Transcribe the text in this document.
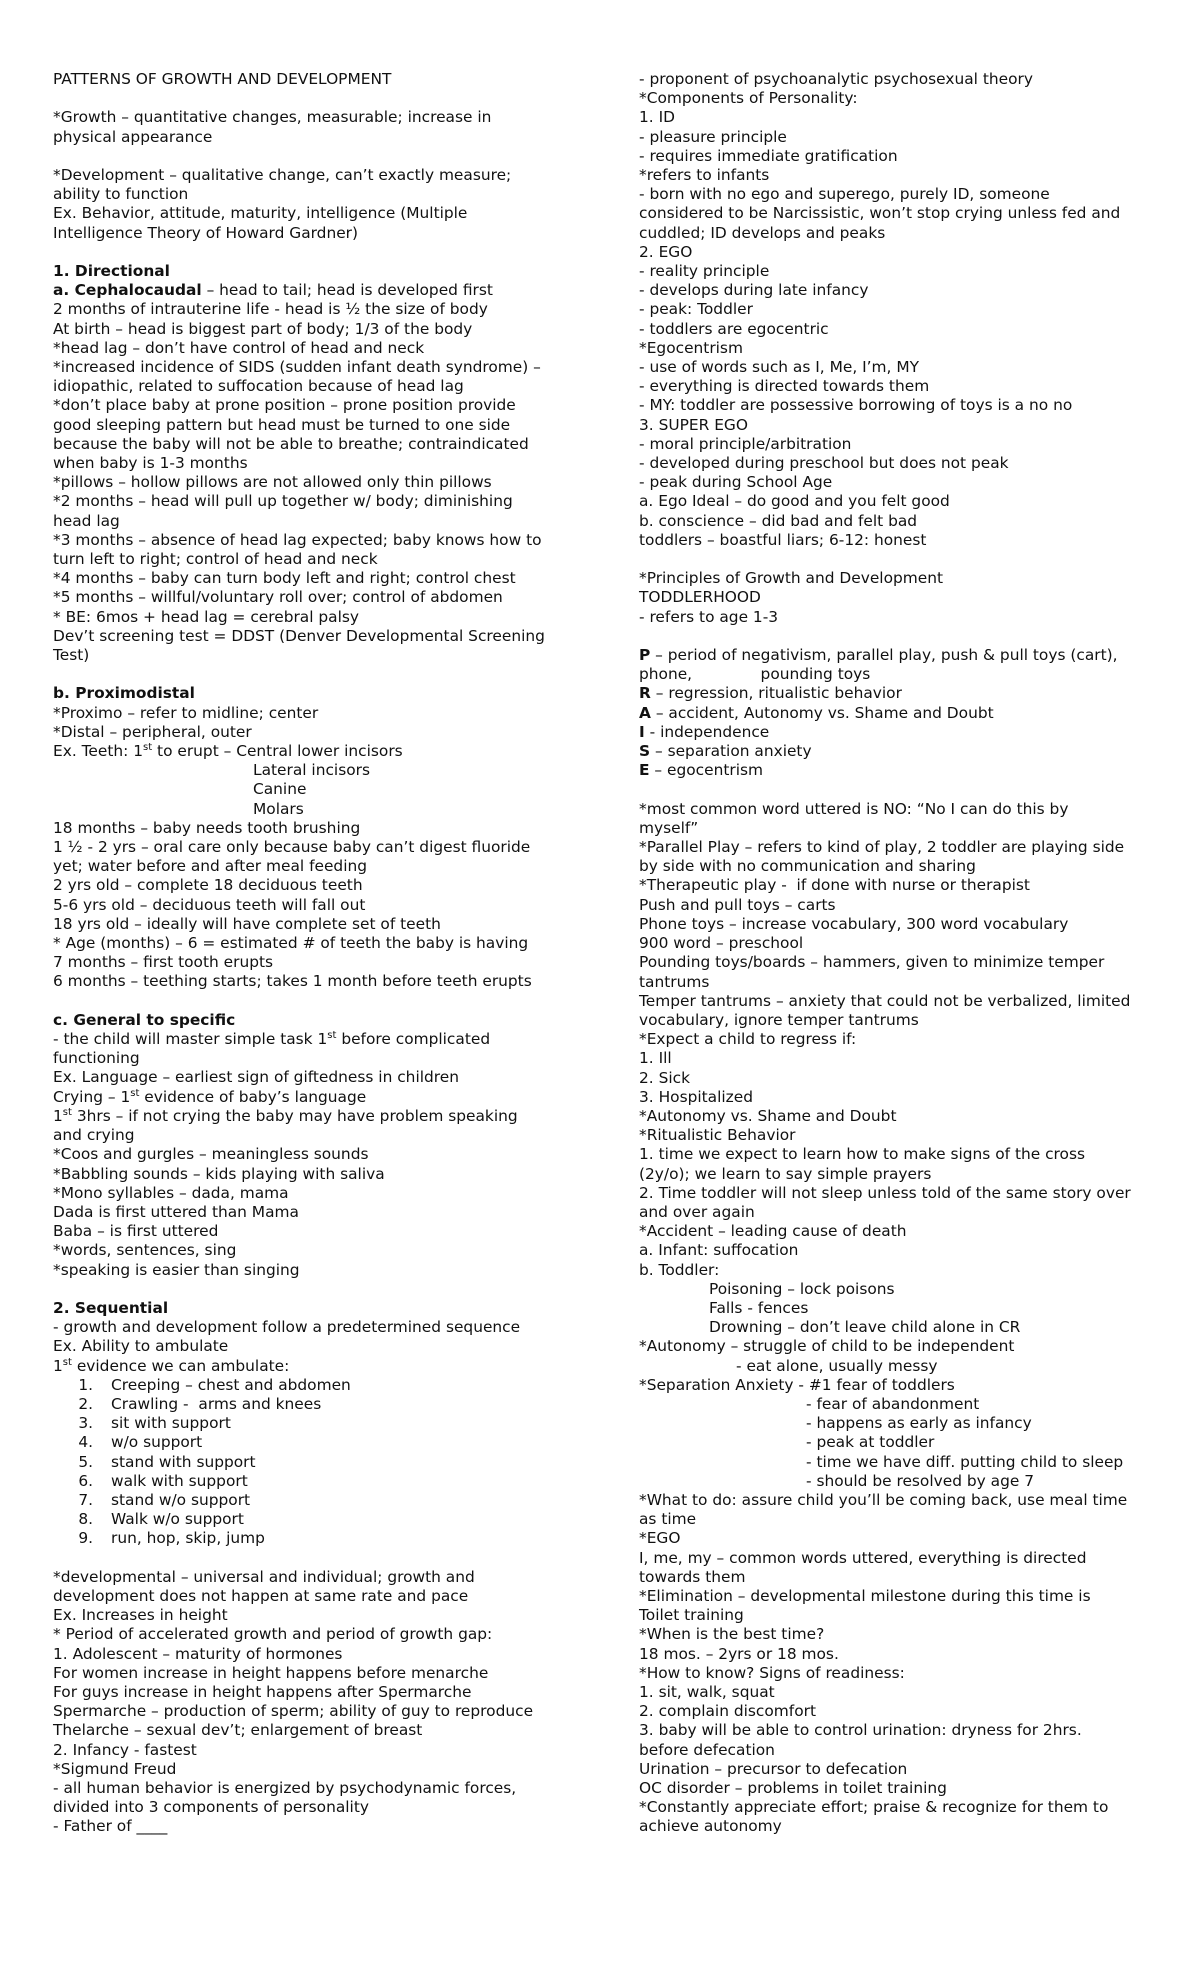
PATTERNS OF GROWTH AND DEVELOPMENT
*Growth – quantitative changes, measurable; increase in
physical appearance
*Development – qualitative change, can’t exactly measure;
ability to function
Ex. Behavior, attitude, maturity, intelligence (Multiple
Intelligence Theory of Howard Gardner)
1. Directional
a. Cephalocaudal – head to tail; head is developed first
2 months of intrauterine life - head is ½ the size of body
At birth – head is biggest part of body; 1/3 of the body
*head lag – don’t have control of head and neck
*increased incidence of SIDS (sudden infant death syndrome) –
idiopathic, related to suffocation because of head lag
*don’t place baby at prone position – prone position provide
good sleeping pattern but head must be turned to one side
because the baby will not be able to breathe; contraindicated
when baby is 1-3 months
*pillows – hollow pillows are not allowed only thin pillows
*2 months – head will pull up together w/ body; diminishing
head lag
*3 months – absence of head lag expected; baby knows how to
turn left to right; control of head and neck
*4 months – baby can turn body left and right; control chest
*5 months – willful/voluntary roll over; control of abdomen
* BE: 6mos + head lag = cerebral palsy
Dev’t screening test = DDST (Denver Developmental Screening
Test)
b. Proximodistal
*Proximo – refer to midline; center
*Distal – peripheral, outer
Ex. Teeth: 1st to erupt – Central lower incisors
Lateral incisors
Canine
Molars
18 months – baby needs tooth brushing
1 ½ - 2 yrs – oral care only because baby can’t digest fluoride
yet; water before and after meal feeding
2 yrs old – complete 18 deciduous teeth
5-6 yrs old – deciduous teeth will fall out
18 yrs old – ideally will have complete set of teeth
* Age (months) – 6 = estimated # of teeth the baby is having
7 months – first tooth erupts
6 months – teething starts; takes 1 month before teeth erupts
c. General to specific
- the child will master simple task 1st before complicated
functioning
Ex. Language – earliest sign of giftedness in children
Crying – 1st evidence of baby’s language
1st 3hrs – if not crying the baby may have problem speaking
and crying
*Coos and gurgles – meaningless sounds
*Babbling sounds – kids playing with saliva
*Mono syllables – dada, mama
Dada is first uttered than Mama
Baba – is first uttered
*words, sentences, sing
*speaking is easier than singing
2. Sequential
- growth and development follow a predetermined sequence
Ex. Ability to ambulate
1st evidence we can ambulate:
1. Creeping – chest and abdomen
2. Crawling -  arms and knees
3. sit with support
4. w/o support
5. stand with support
6. walk with support
7. stand w/o support
8. Walk w/o support
9. run, hop, skip, jump
*developmental – universal and individual; growth and
development does not happen at same rate and pace
Ex. Increases in height
* Period of accelerated growth and period of growth gap:
1. Adolescent – maturity of hormones
For women increase in height happens before menarche
For guys increase in height happens after Spermarche
Spermarche – production of sperm; ability of guy to reproduce
Thelarche – sexual dev’t; enlargement of breast
2. Infancy - fastest
*Sigmund Freud
- all human behavior is energized by psychodynamic forces,
divided into 3 components of personality
- Father of ____
- proponent of psychoanalytic psychosexual theory
*Components of Personality:
1. ID
- pleasure principle
- requires immediate gratification
*refers to infants
- born with no ego and superego, purely ID, someone
considered to be Narcissistic, won’t stop crying unless fed and
cuddled; ID develops and peaks
2. EGO
- reality principle
- develops during late infancy
- peak: Toddler
- toddlers are egocentric
*Egocentrism
- use of words such as I, Me, I’m, MY
- everything is directed towards them
- MY: toddler are possessive borrowing of toys is a no no
3. SUPER EGO
- moral principle/arbitration
- developed during preschool but does not peak
- peak during School Age
a. Ego Ideal – do good and you felt good
b. conscience – did bad and felt bad
toddlers – boastful liars; 6-12: honest
*Principles of Growth and Development
TODDLERHOOD
- refers to age 1-3
P – period of negativism, parallel play, push & pull toys (cart),
phone,              pounding toys
R – regression, ritualistic behavior
A – accident, Autonomy vs. Shame and Doubt
I - independence
S – separation anxiety
E – egocentrism
*most common word uttered is NO: “No I can do this by
myself”
*Parallel Play – refers to kind of play, 2 toddler are playing side
by side with no communication and sharing
*Therapeutic play -  if done with nurse or therapist
Push and pull toys – carts
Phone toys – increase vocabulary, 300 word vocabulary
900 word – preschool
Pounding toys/boards – hammers, given to minimize temper
tantrums
Temper tantrums – anxiety that could not be verbalized, limited
vocabulary, ignore temper tantrums
*Expect a child to regress if:
1. Ill
2. Sick
3. Hospitalized
*Autonomy vs. Shame and Doubt
*Ritualistic Behavior
1. time we expect to learn how to make signs of the cross
(2y/o); we learn to say simple prayers
2. Time toddler will not sleep unless told of the same story over
and over again
*Accident – leading cause of death
a. Infant: suffocation
b. Toddler:
Poisoning – lock poisons
Falls - fences
Drowning – don’t leave child alone in CR
*Autonomy – struggle of child to be independent
- eat alone, usually messy
*Separation Anxiety - #1 fear of toddlers
- fear of abandonment
- happens as early as infancy
- peak at toddler
- time we have diff. putting child to sleep
- should be resolved by age 7
*What to do: assure child you’ll be coming back, use meal time
as time
*EGO
I, me, my – common words uttered, everything is directed
towards them
*Elimination – developmental milestone during this time is
Toilet training
*When is the best time?
18 mos. – 2yrs or 18 mos.
*How to know? Signs of readiness:
1. sit, walk, squat
2. complain discomfort
3. baby will be able to control urination: dryness for 2hrs.
before defecation
Urination – precursor to defecation
OC disorder – problems in toilet training
*Constantly appreciate effort; praise & recognize for them to
achieve autonomy
